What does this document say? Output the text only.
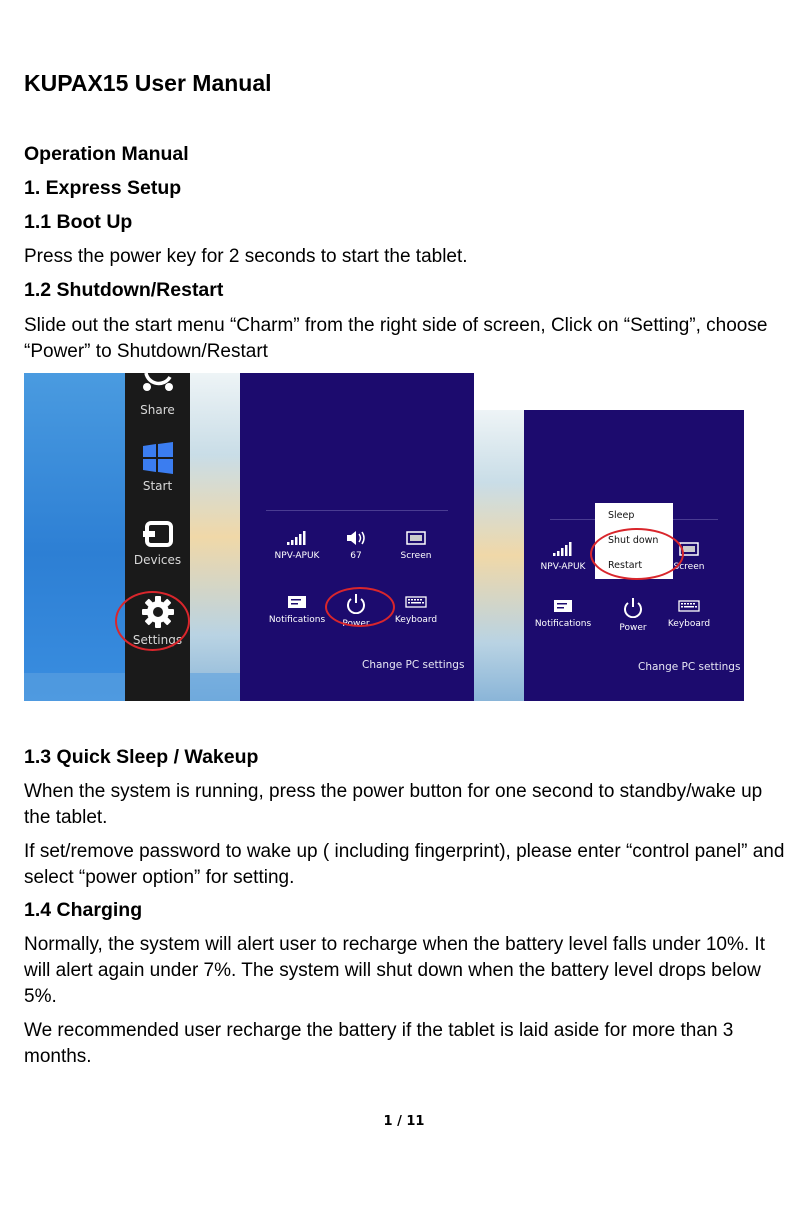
KUPAX15 User Manual
Operation Manual
1. Express Setup
1.1 Boot Up

Press the power key for 2 seconds to start the tablet.

1.2 Shutdown/Restart

Slide out the start menu “Charm” from the right side of screen, Click on “Setting”, choose “Power” to Shutdown/Restart

Share
Start
Devices
Settings
NPV-APUK	67	Screen
Notifications	Power	Keyboard
Change PC settings
NPV-APUK	Screen
Notifications	Power	Keyboard
Change PC settings
Sleep
Shut down
Restart
1.3 Quick Sleep / Wakeup

When the system is running, press the power button for one second to standby/wake up the tablet.

If set/remove password to wake up ( including fingerprint), please enter “control panel” and select “power option” for setting.

1.4 Charging

Normally, the system will alert user to recharge when the battery level falls under 10%. It will alert again under 7%. The system will shut down when the battery level drops below 5%.

We recommended user recharge the battery if the tablet is laid aside for more than 3 months.

1 / 11
